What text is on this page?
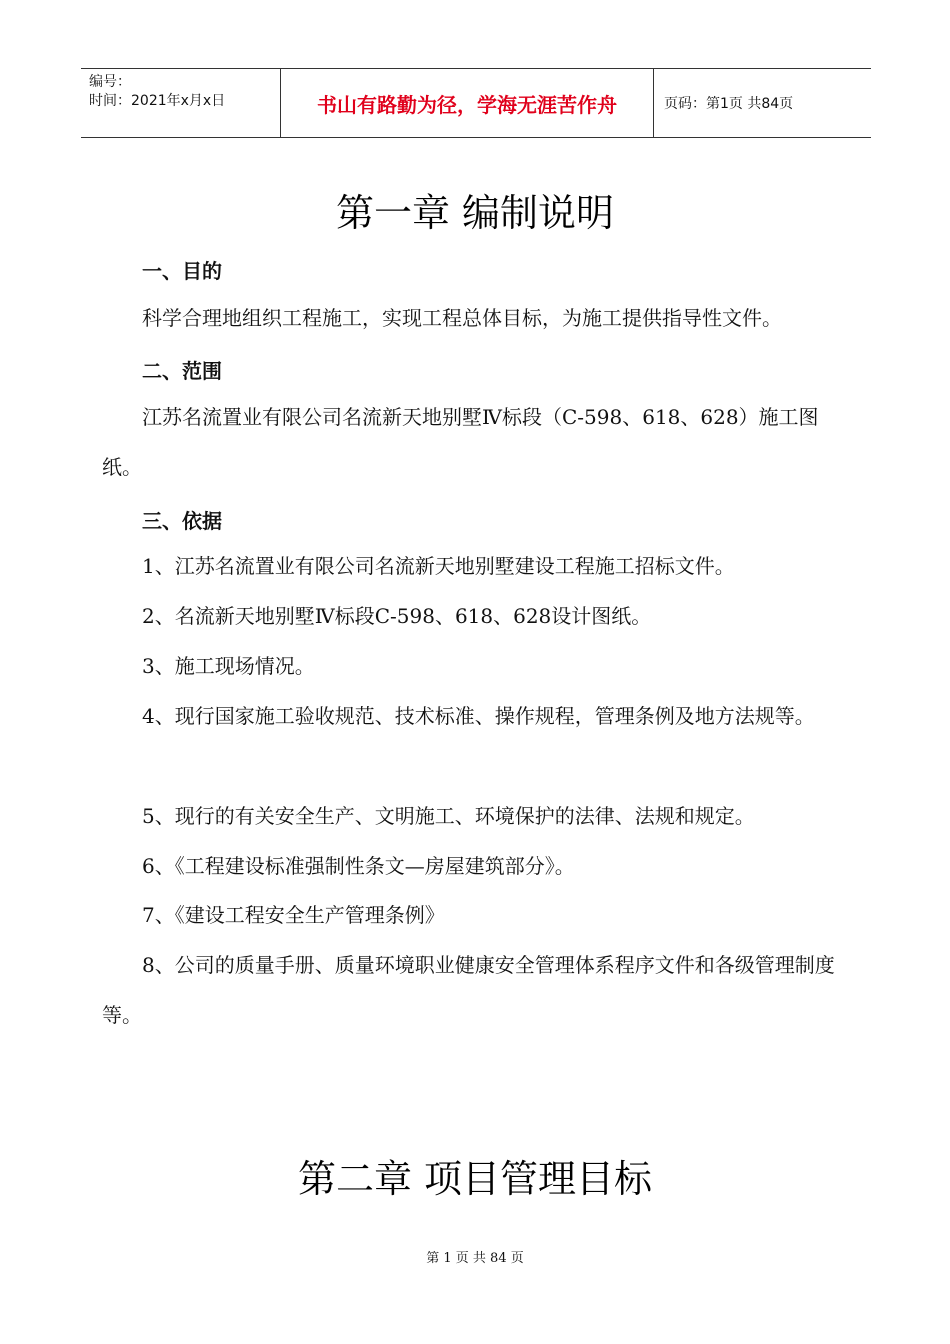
编号：
时间：2021年x月x日	书山有路勤为径，学海无涯苦作舟	页码：第1页 共84页
第一章 编制说明
一、目的

科学合理地组织工程施工，实现工程总体目标，为施工提供指导性文件。

二、范围

江苏名流置业有限公司名流新天地别墅Ⅳ标段（C-598、618、628）施工图纸。

三、依据

1、江苏名流置业有限公司名流新天地别墅建设工程施工招标文件。

2、名流新天地别墅Ⅳ标段C-598、618、628设计图纸。

3、施工现场情况。

4、现行国家施工验收规范、技术标准、操作规程，管理条例及地方法规等。

5、现行的有关安全生产、文明施工、环境保护的法律、法规和规定。

6、《工程建设标准强制性条文—房屋建筑部分》。

7、《建设工程安全生产管理条例》

8、公司的质量手册、质量环境职业健康安全管理体系程序文件和各级管理制度等。

第二章 项目管理目标
第 1 页 共 84 页
